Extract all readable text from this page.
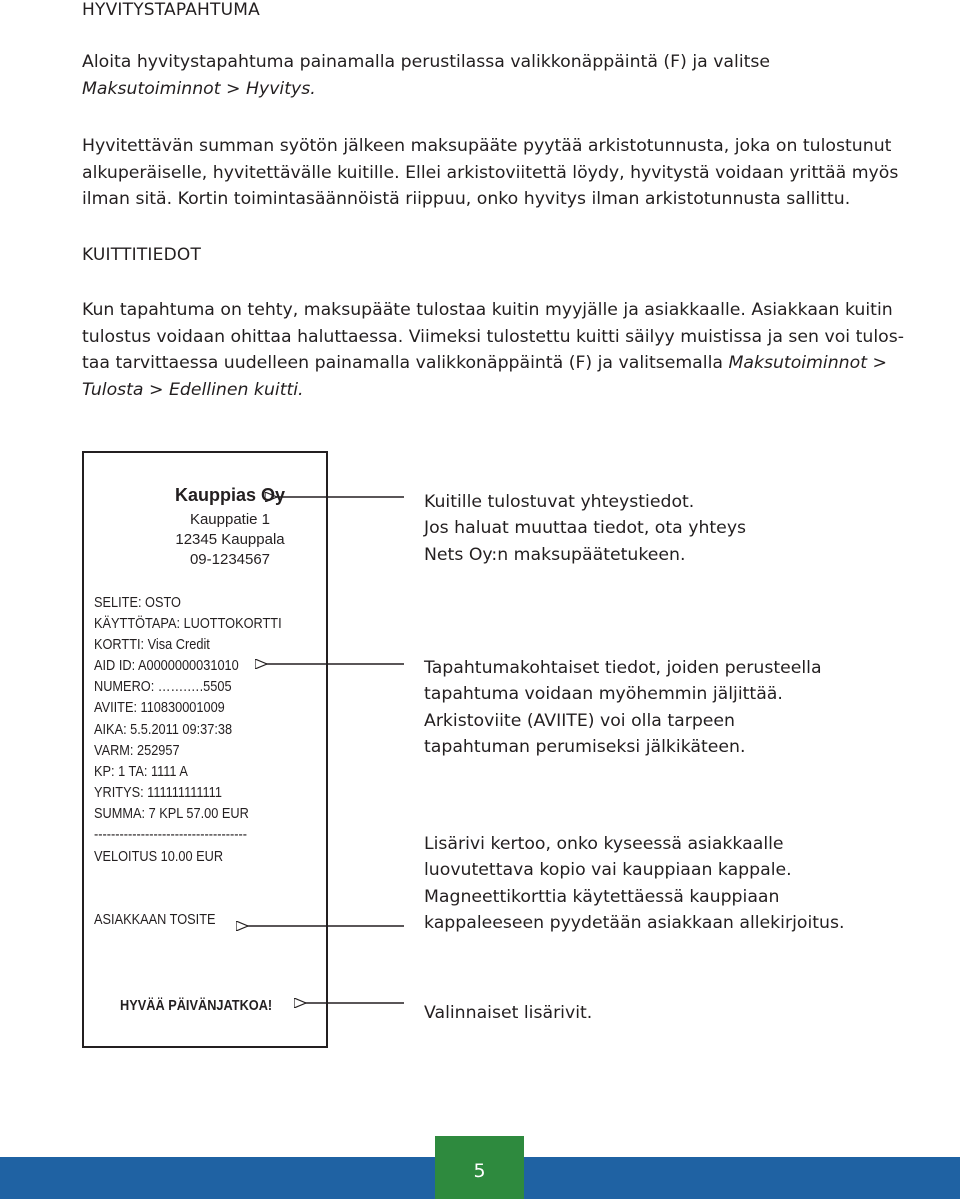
HYVITYSTAPAHTUMA

Aloita hyvitystapahtuma painamalla perustilassa valikkonäppäintä (F) ja valitse
Maksutoiminnot > Hyvitys.

Hyvitettävän summan syötön jälkeen maksupääte pyytää arkistotunnusta, joka on tulostunut
alkuperäiselle, hyvitettävälle kuitille. Ellei arkistoviitettä löydy, hyvitystä voidaan yrittää myös
ilman sitä. Kortin toimintasäännöistä riippuu, onko hyvitys ilman arkistotunnusta sallittu.

KUITTITIEDOT

Kun tapahtuma on tehty, maksupääte tulostaa kuitin myyjälle ja asiakkaalle. Asiakkaan kuitin
tulostus voidaan ohittaa haluttaessa. Viimeksi tulostettu kuitti säilyy muistissa ja sen voi tulos-
taa tarvittaessa uudelleen painamalla valikkonäppäintä (F) ja valitsemalla Maksutoiminnot >
Tulosta > Edellinen kuitti.

Kauppias Oy
Kauppatie 1
12345 Kauppala
09-1234567
SELITE: OSTO
KÄYTTÖTAPA: LUOTTOKORTTI
KORTTI: Visa Credit
AID ID: A0000000031010
NUMERO: …….….5505
AVIITE: 110830001009
AIKA: 5.5.2011 09:37:38
VARM: 252957
KP: 1 TA: 1111 A
YRITYS: 111111111111
SUMMA: 7 KPL 57.00 EUR
------------------------------------
VELOITUS 10.00 EUR
ASIAKKAAN TOSITE
HYVÄÄ PÄIVÄNJATKOA!

Kuitille tulostuvat yhteystiedot.
Jos haluat muuttaa tiedot, ota yhteys
Nets Oy:n maksupäätetukeen.

Tapahtumakohtaiset tiedot, joiden perusteella
tapahtuma voidaan myöhemmin jäljittää.
Arkistoviite (AVIITE) voi olla tarpeen
tapahtuman perumiseksi jälkikäteen.

Lisärivi kertoo, onko kyseessä asiakkaalle
luovutettava kopio vai kauppiaan kappale.
Magneettikorttia käytettäessä kauppiaan
kappaleeseen pyydetään asiakkaan allekirjoitus.

Valinnaiset lisärivit.

5
